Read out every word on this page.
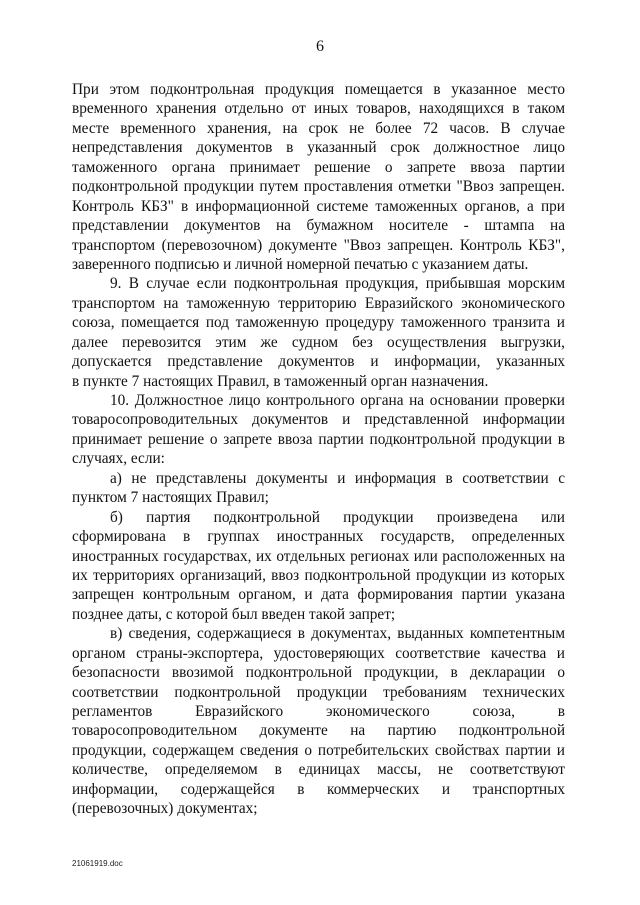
6
При этом подконтрольная продукция помещается в указанное место
временного хранения отдельно от иных товаров, находящихся в таком
месте временного хранения, на срок не более 72 часов. В случае
непредставления документов в указанный срок должностное лицо
таможенного органа принимает решение о запрете ввоза партии
подконтрольной продукции путем проставления отметки "Ввоз запрещен.
Контроль КБЗ" в информационной системе таможенных органов, а при
представлении документов на бумажном носителе - штампа на
транспортом (перевозочном) документе "Ввоз запрещен. Контроль КБЗ",
заверенного подписью и личной номерной печатью с указанием даты.
9. В случае если подконтрольная продукция, прибывшая морским
транспортом на таможенную территорию Евразийского экономического
союза, помещается под таможенную процедуру таможенного транзита и
далее перевозится этим же судном без осуществления выгрузки,
допускается представление документов и информации, указанных
в пункте 7 настоящих Правил, в таможенный орган назначения.
10. Должностное лицо контрольного органа на основании проверки
товаросопроводительных документов и представленной информации
принимает решение о запрете ввоза партии подконтрольной продукции в
случаях, если:
а) не представлены документы и информация в соответствии с
пунктом 7 настоящих Правил;
б) партия подконтрольной продукции произведена или
сформирована в группах иностранных государств, определенных
иностранных государствах, их отдельных регионах или расположенных на
их территориях организаций, ввоз подконтрольной продукции из которых
запрещен контрольным органом, и дата формирования партии указана
позднее даты, с которой был введен такой запрет;
в) сведения, содержащиеся в документах, выданных компетентным
органом страны-экспортера, удостоверяющих соответствие качества и
безопасности ввозимой подконтрольной продукции, в декларации о
соответствии подконтрольной продукции требованиям технических
регламентов Евразийского экономического союза, в
товаросопроводительном документе на партию подконтрольной
продукции, содержащем сведения о потребительских свойствах партии и
количестве, определяемом в единицах массы, не соответствуют
информации, содержащейся в коммерческих и транспортных
(перевозочных) документах;
21061919.doc
